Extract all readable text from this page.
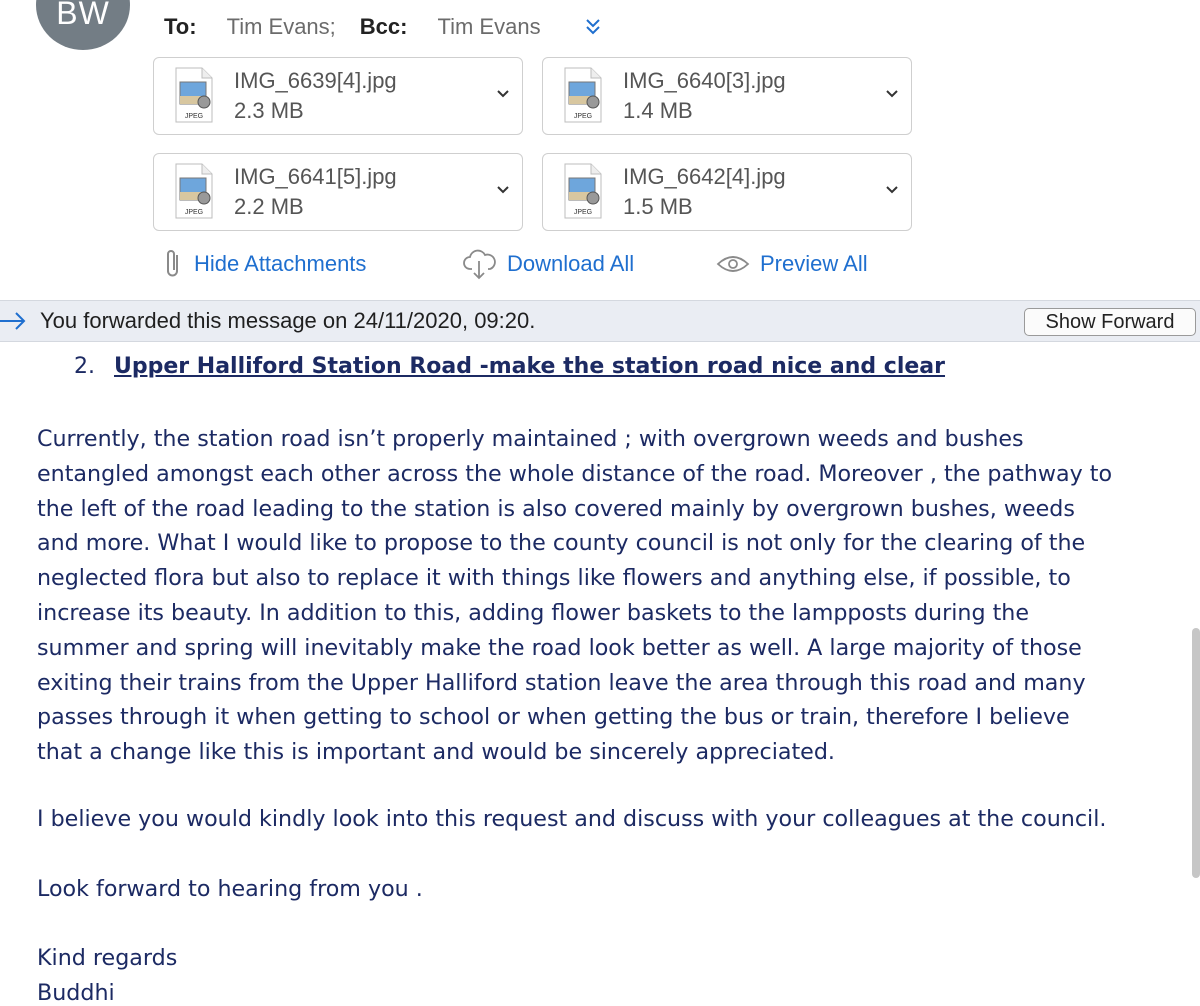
BW	To: Tim Evans; Bcc: Tim Evans
JPEG
IMG_6639[4].jpg
2.3 MB	JPEG
IMG_6640[3].jpg
1.4 MB
JPEG
IMG_6641[5].jpg
2.2 MB	JPEG
IMG_6642[4].jpg
1.5 MB
Hide Attachments	Download All	Preview All
You forwarded this message on 24/11/2020, 09:20.	Show Forward
2. Upper Halliford Station Road -make the station road nice and clear
Currently, the station road isn’t properly maintained ; with overgrown weeds and bushes
entangled amongst each other across the whole distance of the road. Moreover , the pathway to
the left of the road leading to the station is also covered mainly by overgrown bushes, weeds
and more. What I would like to propose to the county council is not only for the clearing of the
neglected flora but also to replace it with things like flowers and anything else, if possible, to
increase its beauty. In addition to this, adding flower baskets to the lampposts during the
summer and spring will inevitably make the road look better as well. A large majority of those
exiting their trains from the Upper Halliford station leave the area through this road and many
passes through it when getting to school or when getting the bus or train, therefore I believe
that a change like this is important and would be sincerely appreciated.
I believe you would kindly look into this request and discuss with your colleagues at the council.
Look forward to hearing from you .
Kind regards
Buddhi
